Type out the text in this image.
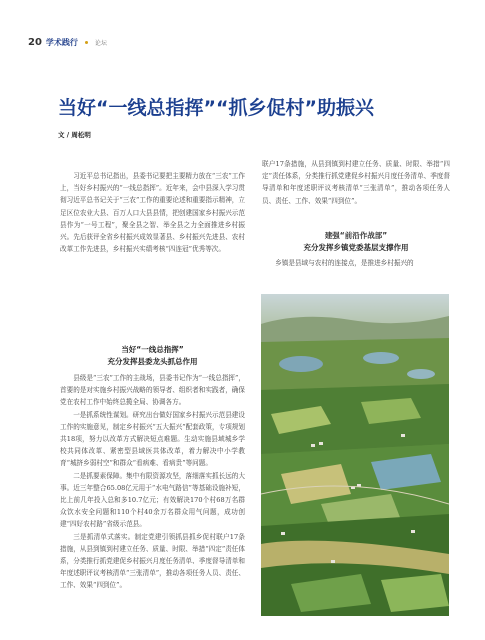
20 学术践行	论坛
当好“一线总指挥”“抓乡促村”助振兴
文 / 周松明

习近平总书记指出，县委书记要把主要精力放在“三农”工作上，当好乡村振兴的“一线总指挥”。近年来，会中县深入学习贯彻习近平总书记关于“三农”工作的重要论述和重要指示精神，立足区位农业大县、百万人口大县县情，把创建国家乡村振兴示范县作为“一号工程”，聚全县之智、举全县之力全面推进乡村振兴。先后获评全省乡村振兴成效显著县、乡村振兴先进县、农村改革工作先进县，乡村振兴实绩考核“四连冠”优秀等次。

当好“一线总指挥”
充分发挥县委龙头抓总作用

县级是“三农”工作的主战场，县委书记作为“一线总指挥”，首要的是对实施乡村振兴战略的领导者、组织者和实践者，确保党在农村工作中始终总揽全局、协调各方。

一是抓系统性谋划。研究出台做好国家乡村振兴示范县建设工作的实施意见，制定乡村振兴“五大振兴”配套政策，专项规划共18项，努力以改革方式解决短点难题。生动实施县域城乡学校共同体改革、紧密型县域医共体改革，着力解决中小学教育“城挤乡弱村空”和群众“看病难、看病贵”等问题。

二是抓要素保障。集中有限资源攻坚，落细落实抓长远的大事。近三年整合65.08亿元用于“水电气路信”等基础设施补短，比上前几年投入总和多10.7亿元；有效解决170个村68万名群众饮水安全问题和110个村40余万名群众用气问题，成功创建“四好农村路”省级示范县。

三是抓清单式落实。制定党建引领抓县抓乡促村联户17条措施，从县到镇到村建立任务、质量、时限、举措“四定”责任体系，分类推行抓党建促乡村振兴月度任务清单、季度督导清单和年度述职评议考核清单“三张清单”，推动各项任务人员、责任、工作、效果“四到位”。

联户17条措施，从县到镇到村建立任务、质量、时限、举措“四定”责任体系，分类推行抓党建促乡村振兴月度任务清单、季度督导清单和年度述职评议考核清单“三张清单”，推动各项任务人员、责任、工作、效果“四到位”。

建强“前沿作战部”
充分发挥乡镇党委基层支撑作用

乡镇是县域与农村的连接点，是推进乡村振兴的
